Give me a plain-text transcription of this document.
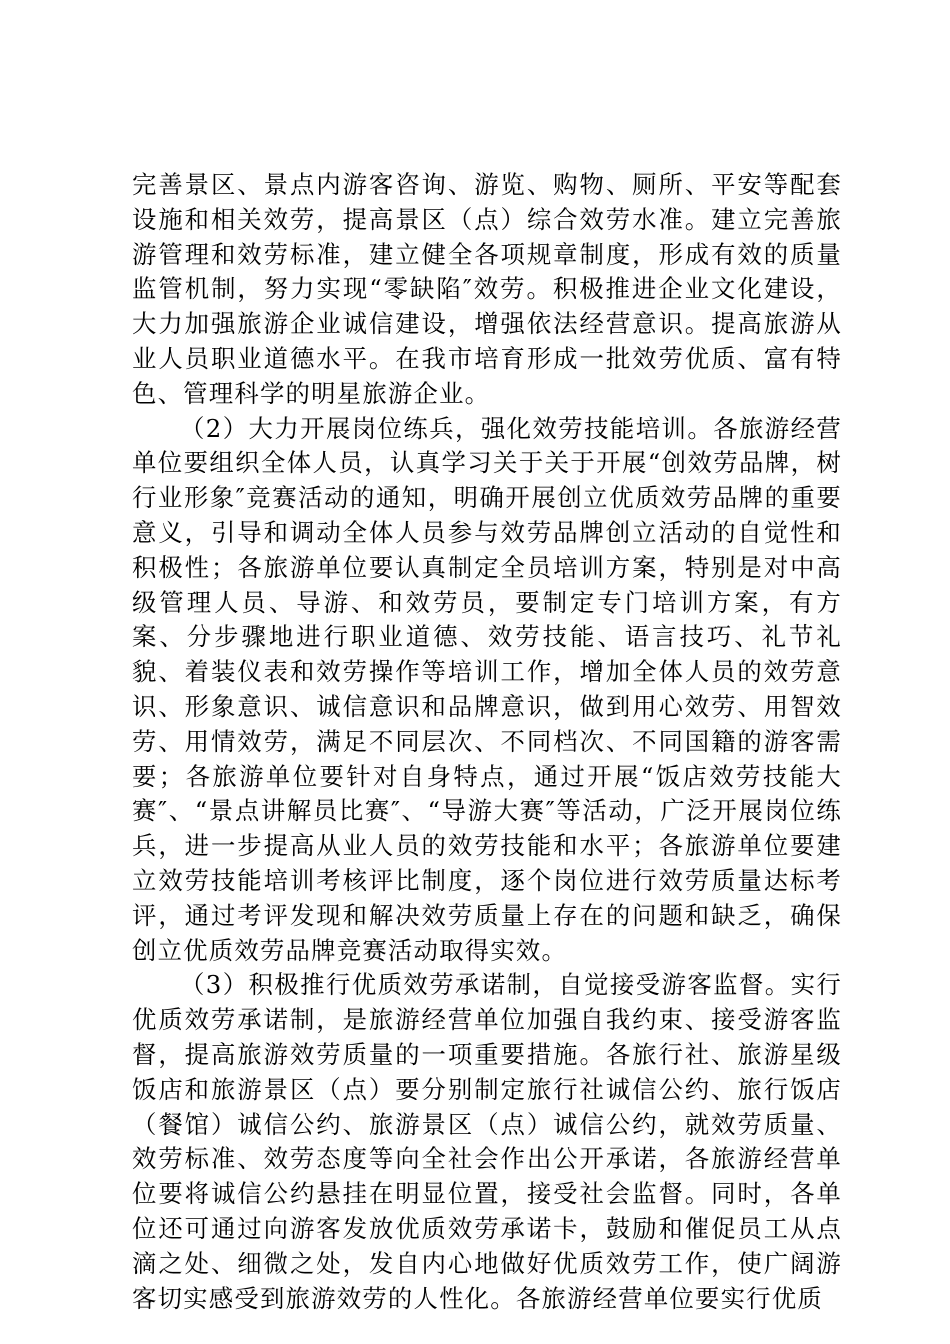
完善景区、景点内游客咨询、游览、购物、厕所、平安等配套设施和相关效劳，提高景区（点）综合效劳水准。建立完善旅游管理和效劳标准，建立健全各项规章制度，形成有效的质量监管机制，努力实现“零缺陷″效劳。积极推进企业文化建设，大力加强旅游企业诚信建设，增强依法经营意识。提高旅游从业人员职业道德水平。在我市培育形成一批效劳优质、富有特色、管理科学的明星旅游企业。

（2）大力开展岗位练兵，强化效劳技能培训。各旅游经营单位要组织全体人员，认真学习关于关于开展“创效劳品牌，树行业形象″竞赛活动的通知，明确开展创立优质效劳品牌的重要意义，引导和调动全体人员参与效劳品牌创立活动的自觉性和积极性；各旅游单位要认真制定全员培训方案，特别是对中高级管理人员、导游、和效劳员，要制定专门培训方案，有方案、分步骤地进行职业道德、效劳技能、语言技巧、礼节礼貌、着装仪表和效劳操作等培训工作，增加全体人员的效劳意识、形象意识、诚信意识和品牌意识，做到用心效劳、用智效劳、用情效劳，满足不同层次、不同档次、不同国籍的游客需要；各旅游单位要针对自身特点，通过开展“饭店效劳技能大赛″、“景点讲解员比赛″、“导游大赛″等活动，广泛开展岗位练兵，进一步提高从业人员的效劳技能和水平；各旅游单位要建立效劳技能培训考核评比制度，逐个岗位进行效劳质量达标考评，通过考评发现和解决效劳质量上存在的问题和缺乏，确保创立优质效劳品牌竞赛活动取得实效。

（3）积极推行优质效劳承诺制，自觉接受游客监督。实行优质效劳承诺制，是旅游经营单位加强自我约束、接受游客监督，提高旅游效劳质量的一项重要措施。各旅行社、旅游星级饭店和旅游景区（点）要分别制定旅行社诚信公约、旅行饭店（餐馆）诚信公约、旅游景区（点）诚信公约，就效劳质量、效劳标准、效劳态度等向全社会作出公开承诺，各旅游经营单位要将诚信公约悬挂在明显位置，接受社会监督。同时，各单位还可通过向游客发放优质效劳承诺卡，鼓励和催促员工从点滴之处、细微之处，发自内心地做好优质效劳工作，使广阔游客切实感受到旅游效劳的人性化。各旅游经营单位要实行优质
